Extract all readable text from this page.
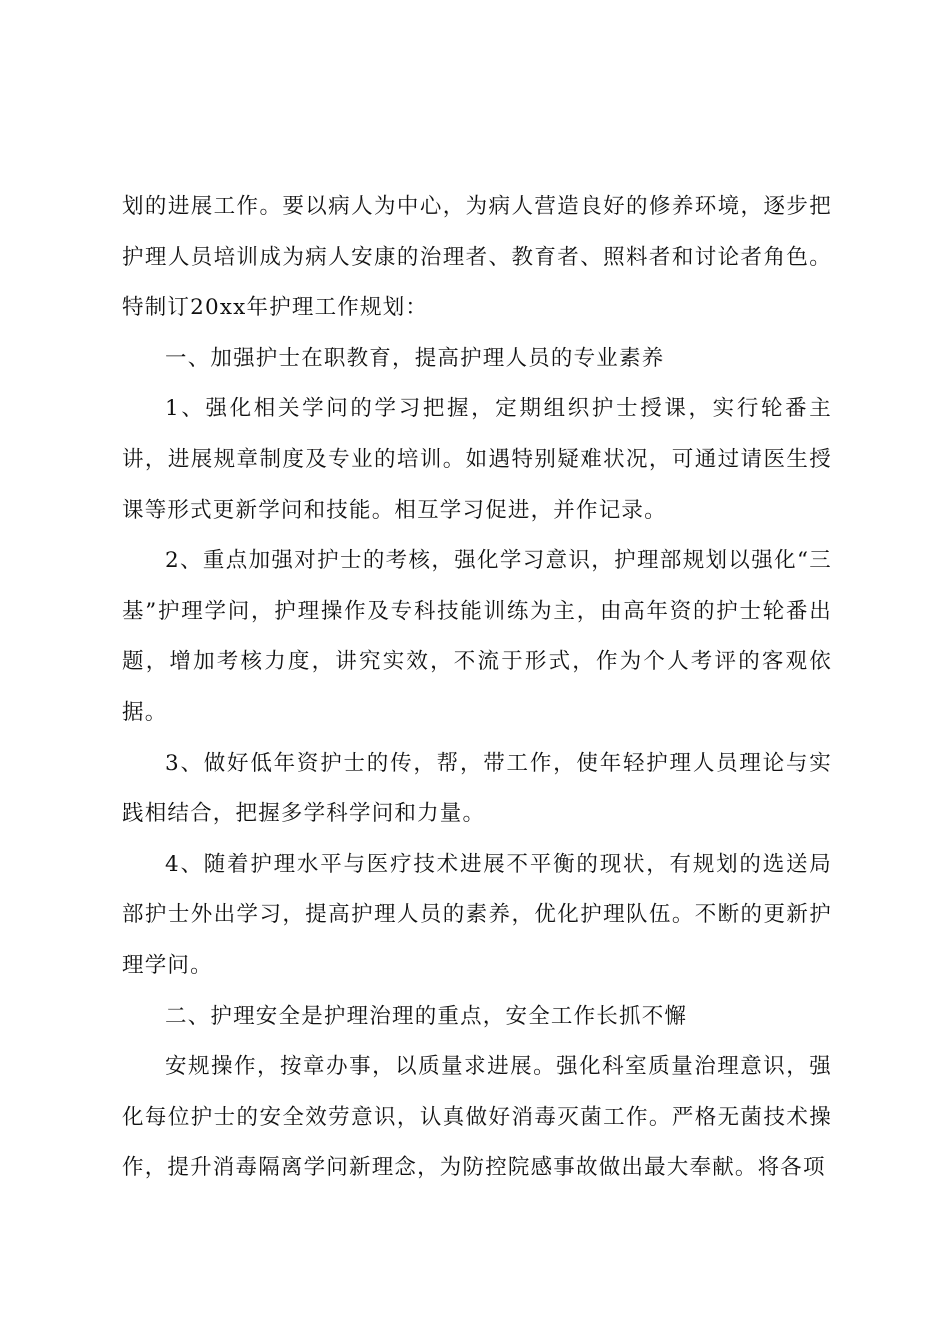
划的进展工作。要以病人为中心，为病人营造良好的修养环境，逐步把护理人员培训成为病人安康的治理者、教育者、照料者和讨论者角色。特制订20xx年护理工作规划：

一、加强护士在职教育，提高护理人员的专业素养

1、强化相关学问的学习把握，定期组织护士授课，实行轮番主讲，进展规章制度及专业的培训。如遇特别疑难状况，可通过请医生授课等形式更新学问和技能。相互学习促进，并作记录。

2、重点加强对护士的考核，强化学习意识，护理部规划以强化“三基”护理学问，护理操作及专科技能训练为主，由高年资的护士轮番出题，增加考核力度，讲究实效，不流于形式，作为个人考评的客观依据。

3、做好低年资护士的传，帮，带工作，使年轻护理人员理论与实践相结合，把握多学科学问和力量。

4、随着护理水平与医疗技术进展不平衡的现状，有规划的选送局部护士外出学习，提高护理人员的素养，优化护理队伍。不断的更新护理学问。

二、护理安全是护理治理的重点，安全工作长抓不懈

安规操作，按章办事，以质量求进展。强化科室质量治理意识，强化每位护士的安全效劳意识，认真做好消毒灭菌工作。严格无菌技术操作，提升消毒隔离学问新理念，为防控院感事故做出最大奉献。将各项
